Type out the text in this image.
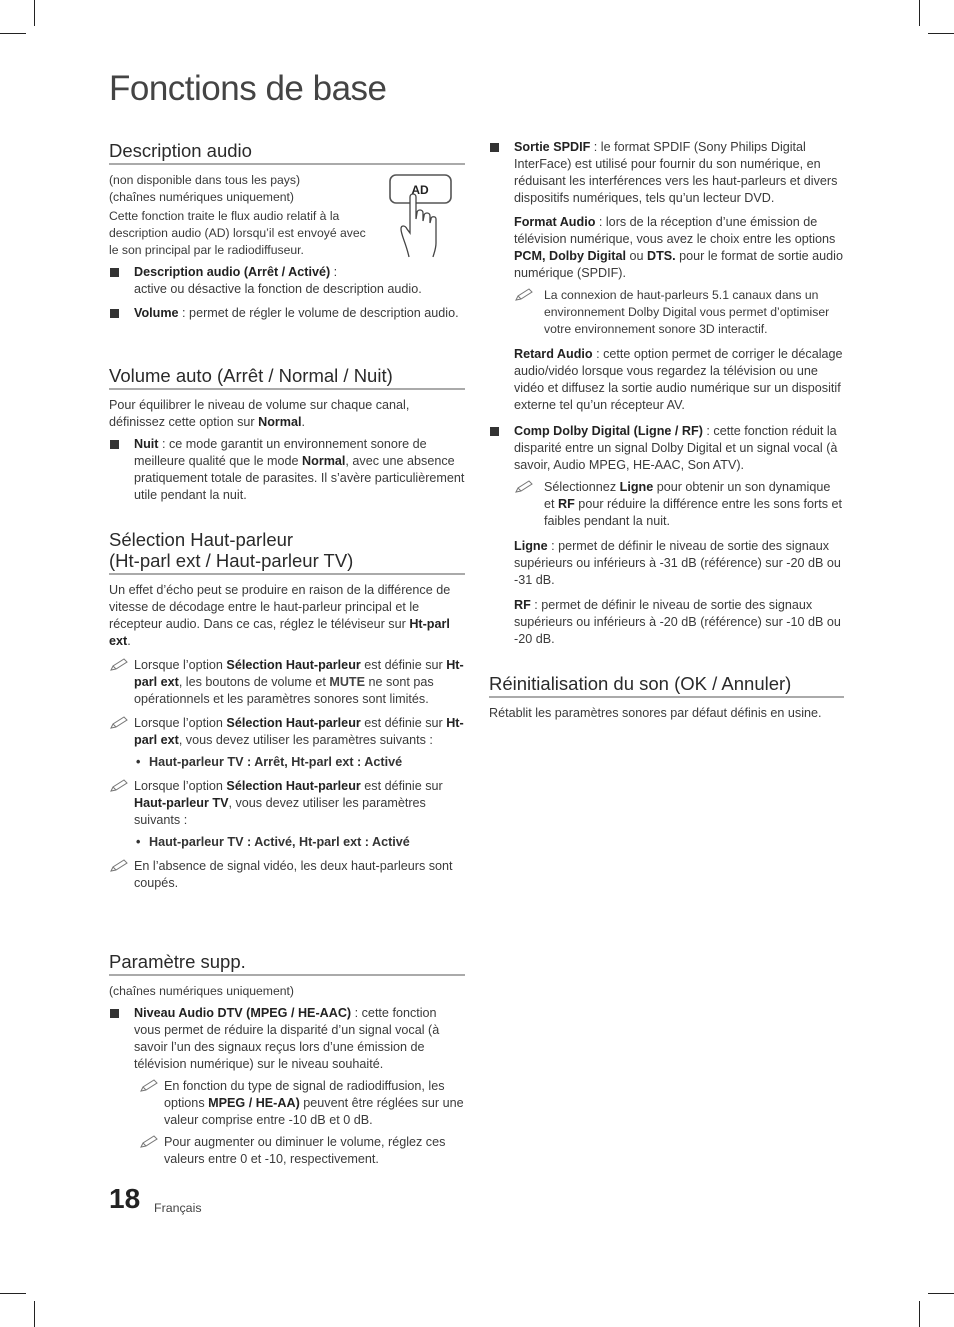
Fonctions de base
Description audio

(non disponible dans tous les pays)

(chaînes numériques uniquement)

Cette fonction traite le flux audio relatif à la description audio (AD) lorsqu’il est envoyé avec le son principal par le radiodiffuseur.

Description audio (Arrêt / Activé) :

active ou désactive la fonction de description audio.

Volume : permet de régler le volume de description audio.

Volume auto (Arrêt / Normal / Nuit)

Pour équilibrer le niveau de volume sur chaque canal, définissez cette option sur Normal.

Nuit : ce mode garantit un environnement sonore de meilleure qualité que le mode Normal, avec une absence pratiquement totale de parasites. Il s’avère particulièrement utile pendant la nuit.

Sélection Haut-parleur
(Ht-parl ext / Haut-parleur TV)

Un effet d’écho peut se produire en raison de la différence de vitesse de décodage entre le haut-parleur principal et le récepteur audio. Dans ce cas, réglez le téléviseur sur Ht-parl ext.

Lorsque l’option Sélection Haut-parleur est définie sur Ht-parl ext, les boutons de volume et MUTE ne sont pas opérationnels et les paramètres sonores sont limités.

Lorsque l’option Sélection Haut-parleur est définie sur Ht-parl ext, vous devez utiliser les paramètres suivants :

• Haut-parleur TV : Arrêt, Ht-parl ext : Activé

Lorsque l’option Sélection Haut-parleur est définie sur Haut-parleur TV, vous devez utiliser les paramètres suivants :

• Haut-parleur TV : Activé, Ht-parl ext : Activé

En l’absence de signal vidéo, les deux haut-parleurs sont coupés.

Paramètre supp.

(chaînes numériques uniquement)

Niveau Audio DTV (MPEG / HE-AAC) : cette fonction vous permet de réduire la disparité d’un signal vocal (à savoir l’un des signaux reçus lors d’une émission de télévision numérique) sur le niveau souhaité.

En fonction du type de signal de radiodiffusion, les options MPEG / HE-AA) peuvent être réglées sur une valeur comprise entre -10 dB et 0 dB.

Pour augmenter ou diminuer le volume, réglez ces valeurs entre 0 et -10, respectivement.

AD

Sortie SPDIF : le format SPDIF (Sony Philips Digital InterFace) est utilisé pour fournir du son numérique, en réduisant les interférences vers les haut-parleurs et divers dispositifs numériques, tels qu’un lecteur DVD.

Format Audio : lors de la réception d’une émission de télévision numérique, vous avez le choix entre les options PCM, Dolby Digital ou DTS. pour le format de sortie audio numérique (SPDIF).

La connexion de haut-parleurs 5.1 canaux dans un environnement Dolby Digital vous permet d’optimiser votre environnement sonore 3D interactif.

Retard Audio : cette option permet de corriger le décalage audio/vidéo lorsque vous regardez la télévision ou une vidéo et diffusez la sortie audio numérique sur un dispositif externe tel qu’un récepteur AV.

Comp Dolby Digital (Ligne / RF) : cette fonction réduit la disparité entre un signal Dolby Digital et un signal vocal (à savoir, Audio MPEG, HE-AAC, Son ATV).

Sélectionnez Ligne pour obtenir un son dynamique et RF pour réduire la différence entre les sons forts et faibles pendant la nuit.

Ligne : permet de définir le niveau de sortie des signaux supérieurs ou inférieurs à -31 dB (référence) sur -20 dB ou -31 dB.

RF : permet de définir le niveau de sortie des signaux supérieurs ou inférieurs à -20 dB (référence) sur -10 dB ou -20 dB.

Réinitialisation du son (OK / Annuler)

Rétablit les paramètres sonores par défaut définis en usine.

18 Français
